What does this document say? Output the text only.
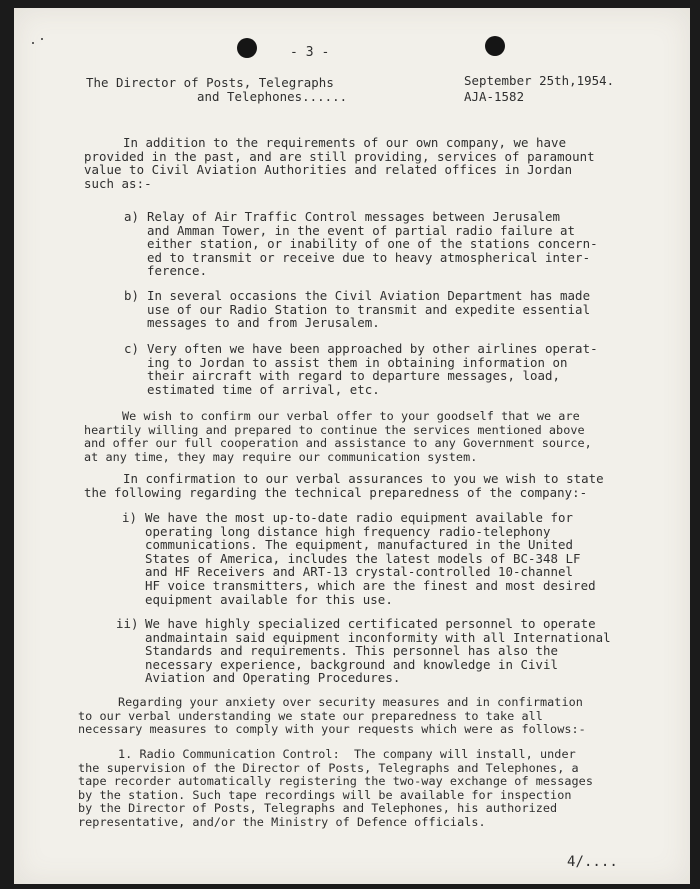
- 3 -
The Director of Posts, Telegraphs
and Telephones......
September 25th,1954.
AJA-1582
In addition to the requirements of our own company, we have
provided in the past, and are still providing, services of paramount
value to Civil Aviation Authorities and related offices in Jordan
such as:-
a) Relay of Air Traffic Control messages between Jerusalem
and Amman Tower, in the event of partial radio failure at
either station, or inability of one of the stations concern-
ed to transmit or receive due to heavy atmospherical inter-
ference.
b) In several occasions the Civil Aviation Department has made
use of our Radio Station to transmit and expedite essential
messages to and from Jerusalem.
c) Very often we have been approached by other airlines operat-
ing to Jordan to assist them in obtaining information on
their aircraft with regard to departure messages, load,
estimated time of arrival, etc.
We wish to confirm our verbal offer to your goodself that we are
heartily willing and prepared to continue the services mentioned above
and offer our full cooperation and assistance to any Government source,
at any time, they may require our communication system.
In confirmation to our verbal assurances to you we wish to state
the following regarding the technical preparedness of the company:-
i) We have the most up-to-date radio equipment available for
operating long distance high frequency radio-telephony
communications. The equipment, manufactured in the United
States of America, includes the latest models of BC-348 LF
and HF Receivers and ART-13 crystal-controlled 10-channel
HF voice transmitters, which are the finest and most desired
equipment available for this use.
ii) We have highly specialized certificated personnel to operate
andmaintain said equipment inconformity with all International
Standards and requirements. This personnel has also the
necessary experience, background and knowledge in Civil
Aviation and Operating Procedures.
Regarding your anxiety over security measures and in confirmation
to our verbal understanding we state our preparedness to take all
necessary measures to comply with your requests which were as follows:-
1. Radio Communication Control:  The company will install, under
the supervision of the Director of Posts, Telegraphs and Telephones, a
tape recorder automatically registering the two-way exchange of messages
by the station. Such tape recordings will be available for inspection
by the Director of Posts, Telegraphs and Telephones, his authorized
representative, and/or the Ministry of Defence officials.
4/....
